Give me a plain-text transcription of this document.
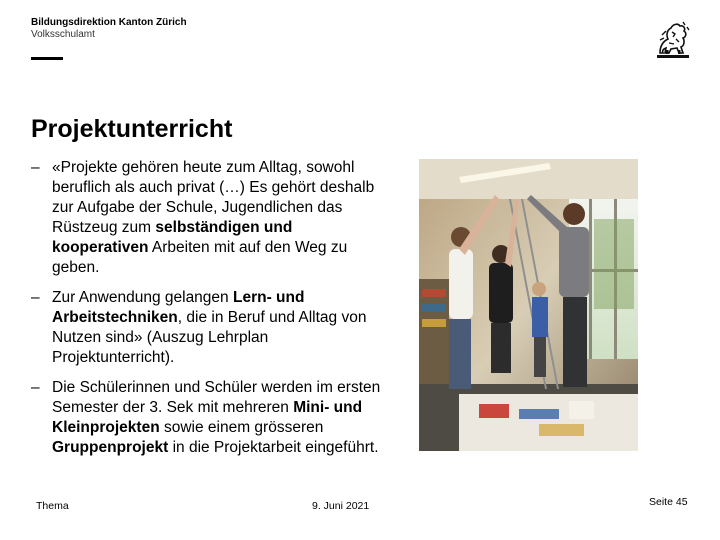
Bildungsdirektion Kanton Zürich
Volksschulamt
Projektunterricht
– «Projekte gehören heute zum Alltag, sowohl beruflich als auch privat (…) Es gehört deshalb zur Aufgabe der Schule, Jugendlichen das Rüstzeug zum selbständigen und kooperativen Arbeiten mit auf den Weg zu geben.
– Zur Anwendung gelangen Lern- und Arbeitstechniken, die in Beruf und Alltag von Nutzen sind» (Auszug Lehrplan Projektunterricht).
– Die Schülerinnen und Schüler werden im ersten Semester der 3. Sek mit mehreren Mini- und Kleinprojekten sowie einem grösseren Gruppenprojekt in die Projektarbeit eingeführt.
Thema	9. Juni 2021	Seite 45
